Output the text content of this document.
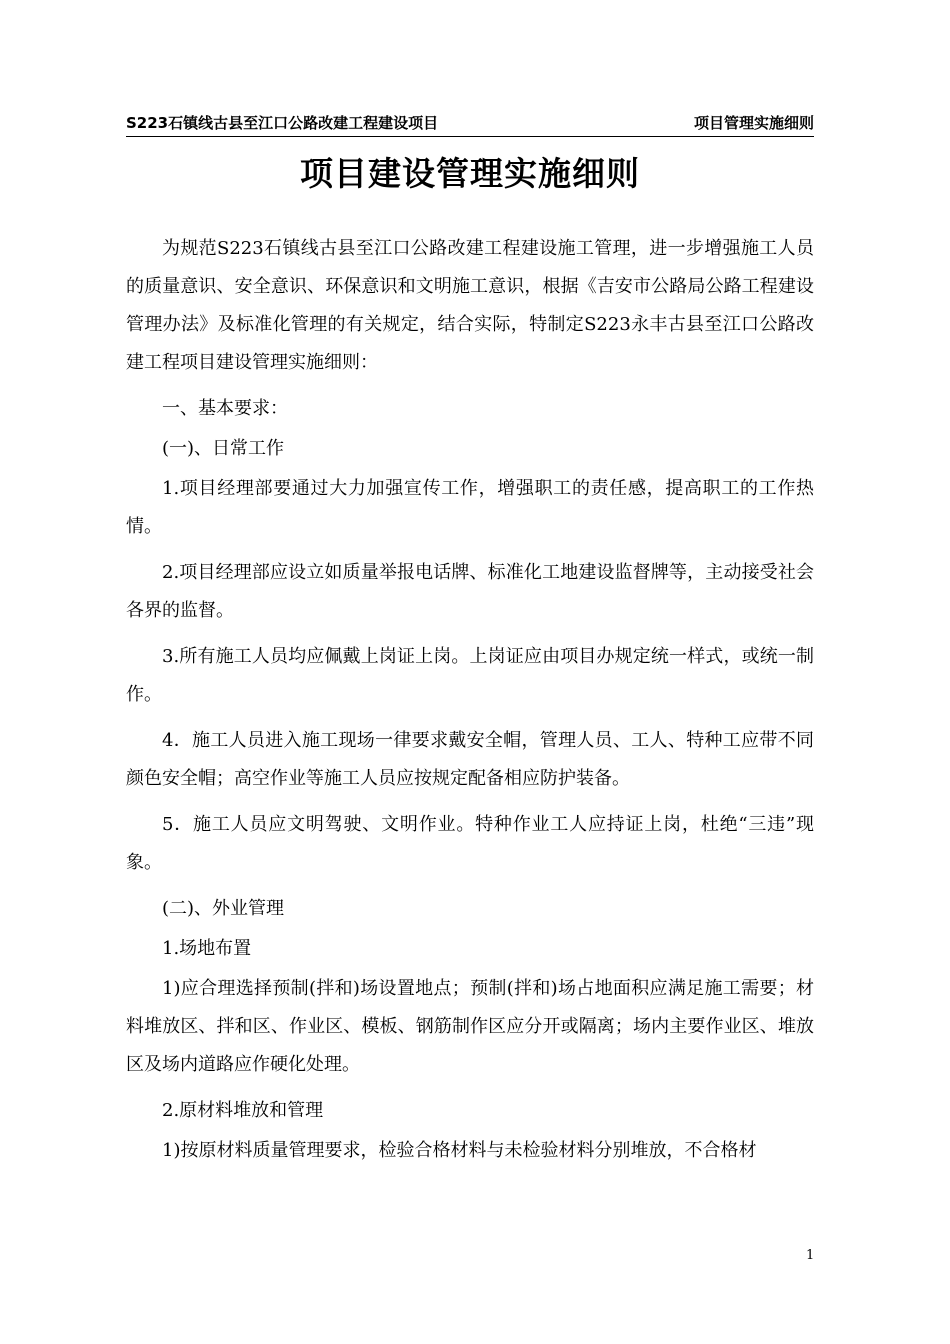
S223石镇线古县至江口公路改建工程建设项目	项目管理实施细则
项目建设管理实施细则

为规范S223石镇线古县至江口公路改建工程建设施工管理，进一步增强施工人员的质量意识、安全意识、环保意识和文明施工意识，根据《吉安市公路局公路工程建设管理办法》及标准化管理的有关规定，结合实际，特制定S223永丰古县至江口公路改建工程项目建设管理实施细则：

一、基本要求：

(一)、日常工作

1.项目经理部要通过大力加强宣传工作，增强职工的责任感，提高职工的工作热情。

2.项目经理部应设立如质量举报电话牌、标准化工地建设监督牌等，主动接受社会各界的监督。

3.所有施工人员均应佩戴上岗证上岗。上岗证应由项目办规定统一样式，或统一制作。

4．施工人员进入施工现场一律要求戴安全帽，管理人员、工人、特种工应带不同颜色安全帽；高空作业等施工人员应按规定配备相应防护装备。

5．施工人员应文明驾驶、文明作业。特种作业工人应持证上岗，杜绝“三违”现象。

(二)、外业管理

1.场地布置

1)应合理选择预制(拌和)场设置地点；预制(拌和)场占地面积应满足施工需要；材料堆放区、拌和区、作业区、模板、钢筋制作区应分开或隔离；场内主要作业区、堆放区及场内道路应作硬化处理。

2.原材料堆放和管理

1)按原材料质量管理要求，检验合格材料与未检验材料分别堆放，不合格材

1
